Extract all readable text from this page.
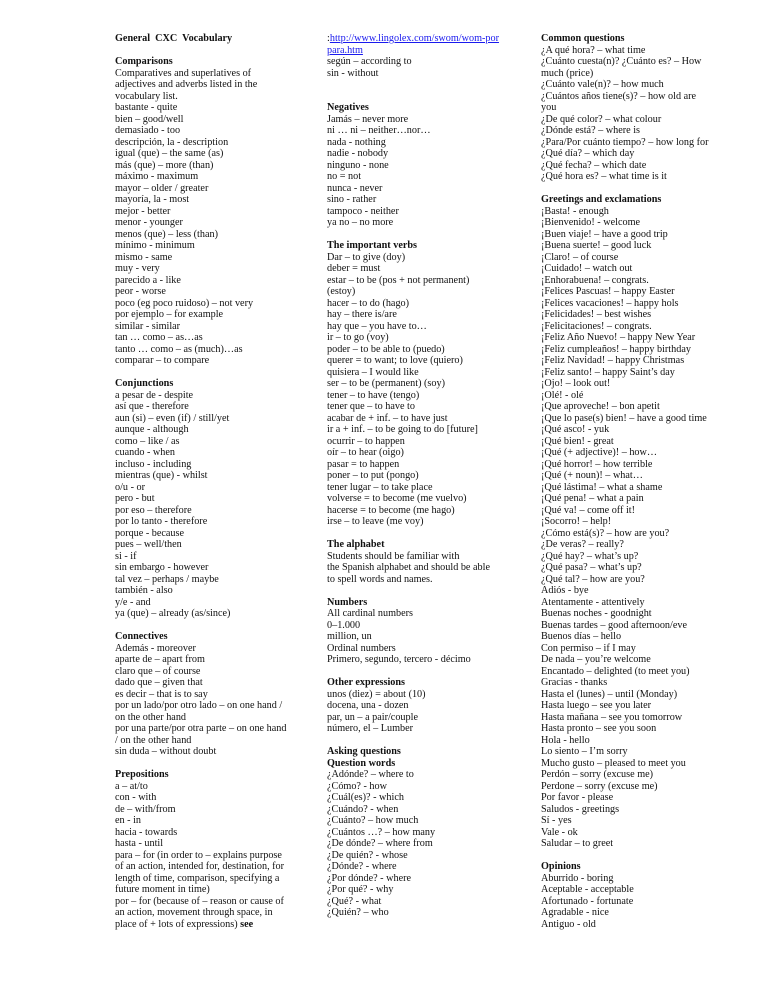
General  CXC  Vocabulary
Comparisons
Comparatives and superlatives of
adjectives and adverbs listed in the
vocabulary list.
bastante - quite
bien – good/well
demasiado - too
descripción, la - description
igual (que) – the same (as)
más (que) – more (than)
máximo - maximum
mayor – older / greater
mayoría, la - most
mejor - better
menor - younger
menos (que) – less (than)
mínimo - minimum
mismo - same
muy - very
parecido a - like
peor - worse
poco (eg poco ruidoso) – not very
por ejemplo – for example
similar - similar
tan … como – as…as
tanto … como – as (much)…as
comparar – to compare
Conjunctions
a pesar de - despite
así que - therefore
aun (si) – even (if) / still/yet
aunque - although
como – like / as
cuando - when
incluso - including
mientras (que) - whilst
o/u - or
pero - but
por eso – therefore
por lo tanto - therefore
porque - because
pues – well/then
si - if
sin embargo - however
tal vez – perhaps / maybe
también - also
y/e - and
ya (que) – already (as/since)
Connectives
Además - moreover
aparte de – apart from
claro que – of course
dado que – given that
es decir – that is to say
por un lado/por otro lado – on one hand /
on the other hand
por una parte/por otra parte – on one hand
/ on the other hand
sin duda – without doubt
Prepositions
a – at/to
con - with
de – with/from
en - in
hacia - towards
hasta - until
para – for (in order to – explains purpose
of an action, intended for, destination, for
length of time, comparison, specifying a
future moment in time)
por – for (because of – reason or cause of
an action, movement through space, in
place of + lots of expressions) see
:http://www.lingolex.com/swom/wom-por
para.htm
según – according to
sin - without
Negatives
Jamás – never more
ni … ni – neither…nor…
nada - nothing
nadie - nobody
ninguno - none
no = not
nunca - never
sino - rather
tampoco - neither
ya no – no more
The important verbs
Dar – to give (doy)
deber = must
estar – to be (pos + not permanent)
(estoy)
hacer – to do (hago)
hay – there is/are
hay que – you have to…
ir – to go (voy)
poder – to be able to (puedo)
querer = to want; to love (quiero)
quisiera – I would like
ser – to be (permanent) (soy)
tener – to have (tengo)
tener que – to have to
acabar de + inf. – to have just
ir a + inf. – to be going to do [future]
ocurrir – to happen
oír – to hear (oigo)
pasar = to happen
poner – to put (pongo)
tener lugar – to take place
volverse = to become (me vuelvo)
hacerse = to become (me hago)
irse – to leave (me voy)
The alphabet
Students should be familiar with
the Spanish alphabet and should be able
to spell words and names.
Numbers
All cardinal numbers
0–1.000
million, un
Ordinal numbers
Primero, segundo, tercero - décimo
Other expressions
unos (diez) = about (10)
docena, una - dozen
par, un – a pair/couple
número, el – Lumber
Asking questions
Question words
¿Adónde? – where to
¿Cómo? - how
¿Cuál(es)? - which
¿Cuándo? - when
¿Cuánto? – how much
¿Cuántos …? – how many
¿De dónde? – where from
¿De quién? - whose
¿Dónde? - where
¿Por dónde? - where
¿Por qué? - why
¿Qué? - what
¿Quién? – who
Common questions
¿A qué hora? – what time
¿Cuánto cuesta(n)? ¿Cuánto es? – How
much (price)
¿Cuánto vale(n)? – how much
¿Cuántos años tiene(s)? – how old are
you
¿De qué color? – what colour
¿Dónde está? – where is
¿Para/Por cuánto tiempo? – how long for
¿Qué día? – which day
¿Qué fecha? – which date
¿Qué hora es? – what time is it
Greetings and exclamations
¡Basta! - enough
¡Bienvenido! - welcome
¡Buen viaje! – have a good trip
¡Buena suerte! – good luck
¡Claro! – of course
¡Cuidado! – watch out
¡Enhorabuena! – congrats.
¡Felices Pascuas! – happy Easter
¡Felices vacaciones! – happy hols
¡Felicidades! – best wishes
¡Felicitaciones! – congrats.
¡Feliz Año Nuevo! – happy New Year
¡Feliz cumpleaños! – happy birthday
¡Feliz Navidad! – happy Christmas
¡Feliz santo! – happy Saint’s day
¡Ojo! – look out!
¡Olé! - olé
¡Que aproveche! – bon apetit
¡Que lo pase(s) bien! – have a good time
¡Qué asco! - yuk
¡Qué bien! - great
¡Qué (+ adjective)! – how…
¡Qué horror! – how terrible
¡Qué (+ noun)! – what…
¡Qué lástima! – what a shame
¡Qué pena! – what a pain
¡Qué va! – come off it!
¡Socorro! – help!
¿Cómo está(s)? – how are you?
¿De veras? – really?
¿Qué hay? – what’s up?
¿Qué pasa? – what’s up?
¿Qué tal? – how are you?
Adiós - bye
Atentamente - attentively
Buenas noches - goodnight
Buenas tardes – good afternoon/eve
Buenos días – hello
Con permiso – if I may
De nada – you’re welcome
Encantado – delighted (to meet you)
Gracias - thanks
Hasta el (lunes) – until (Monday)
Hasta luego – see you later
Hasta mañana – see you tomorrow
Hasta pronto – see you soon
Hola - hello
Lo siento – I’m sorry
Mucho gusto – pleased to meet you
Perdón – sorry (excuse me)
Perdone – sorry (excuse me)
Por favor - please
Saludos - greetings
Sí - yes
Vale - ok
Saludar – to greet
Opinions
Aburrido - boring
Aceptable - acceptable
Afortunado - fortunate
Agradable - nice
Antiguo - old
